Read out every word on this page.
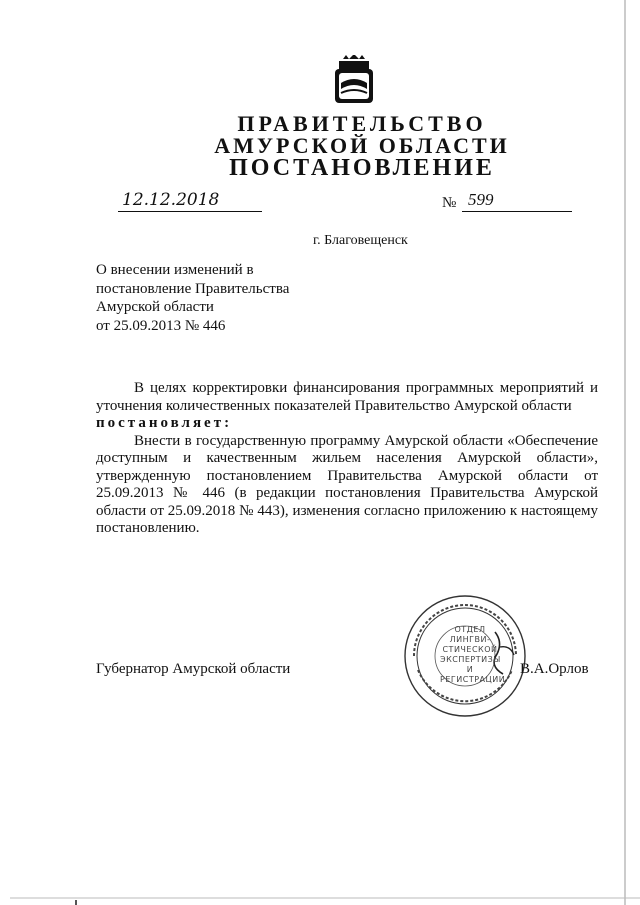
ПРАВИТЕЛЬСТВО
АМУРСКОЙ ОБЛАСТИ
ПОСТАНОВЛЕНИЕ
12.12.2018	№ 599
г. Благовещенск
О внесении изменений в
постановление Правительства
Амурской области
от 25.09.2013 № 446

В целях корректировки финансирования программных мероприятий и уточнения количественных показателей Правительство Амурской области

постановляет:

Внести в государственную программу Амурской области «Обеспечение доступным и качественным жильем населения Амурской области», утвержденную постановлением Правительства Амурской области от 25.09.2013 № 446 (в редакции постановления Правительства Амурской области от 25.09.2018 № 443), изменения согласно приложению к настоящему постановлению.

Губернатор Амурской области
ОТДЕЛ
ЛИНГВИ-
СТИЧЕСКОЙ
ЭКСПЕРТИЗЫ И
РЕГИСТРАЦИИ
В.А.Орлов
